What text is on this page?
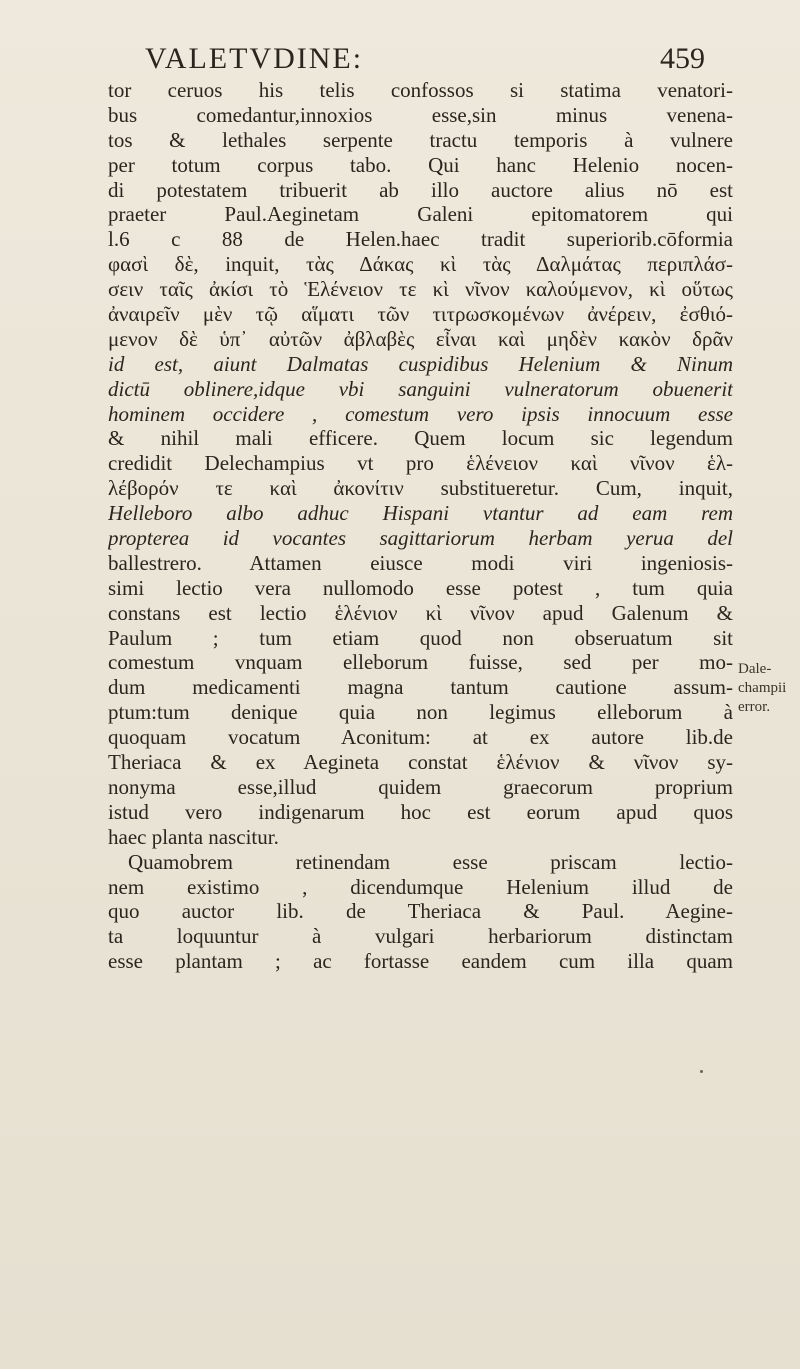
VALETVDINE:	459
tor ceruos his telis confossos si statima venatori-
bus comedantur,innoxios esse,sin minus venena-
tos & lethales serpente tractu temporis à vulnere
per totum corpus tabo. Qui hanc Helenio nocen-
di potestatem tribuerit ab illo auctore alius nō est
praeter Paul.Aeginetam Galeni epitomatorem qui
l.6 c 88 de Helen.haec tradit superiorib.cōformia
φασὶ δὲ, inquit, τὰς Δάκας κὶ τὰς Δαλμάτας περιπλάσ-
σειν ταῖς ἀκίσι τὸ Ἑλένειον τε κὶ νῖνον καλούμενον, κὶ οὕτως
ἀναιρεῖν μὲν τῷ αἵματι τῶν τιτρωσκομένων ἀνέρειν, ἐσθιό-
μενον δὲ ὑπ᾽ αὐτῶν ἀβλαβὲς εἶναι καὶ μηδὲν κακὸν δρᾶν
id est, aiunt Dalmatas cuspidibus Helenium & Ninum
dictū oblinere,idque vbi sanguini vulneratorum obuenerit
hominem occidere , comestum vero ipsis innocuum esse
& nihil mali efficere. Quem locum sic legendum
credidit Delechampius vt pro ἑλένειον καὶ νῖνον ἑλ-
λέβορόν τε καὶ ἀκονίτιν substitueretur. Cum, inquit,
Helleboro albo adhuc Hispani vtantur ad eam rem
propterea id vocantes sagittariorum herbam yerua del
ballestrero. Attamen eiusce modi viri ingeniosis-
simi lectio vera nullomodo esse potest , tum quia
constans est lectio ἑλένιον κὶ νῖνον apud Galenum &
Paulum ; tum etiam quod non obseruatum sit
comestum vnquam elleborum fuisse, sed per mo-
dum medicamenti magna tantum cautione assum-
ptum:tum denique quia non legimus elleborum à
quoquam vocatum Aconitum: at ex autore lib.de
Theriaca & ex Aegineta constat ἑλένιον & νῖνον sy-
nonyma esse,illud quidem graecorum proprium
istud vero indigenarum hoc est eorum apud quos
haec planta nascitur.
Quamobrem retinendam esse priscam lectio-
nem existimo , dicendumque Helenium illud de
quo auctor lib. de Theriaca & Paul. Aegine-
ta loquuntur à vulgari herbariorum distinctam
esse plantam ; ac fortasse eandem cum illa quam
Dale-
champii
error.
